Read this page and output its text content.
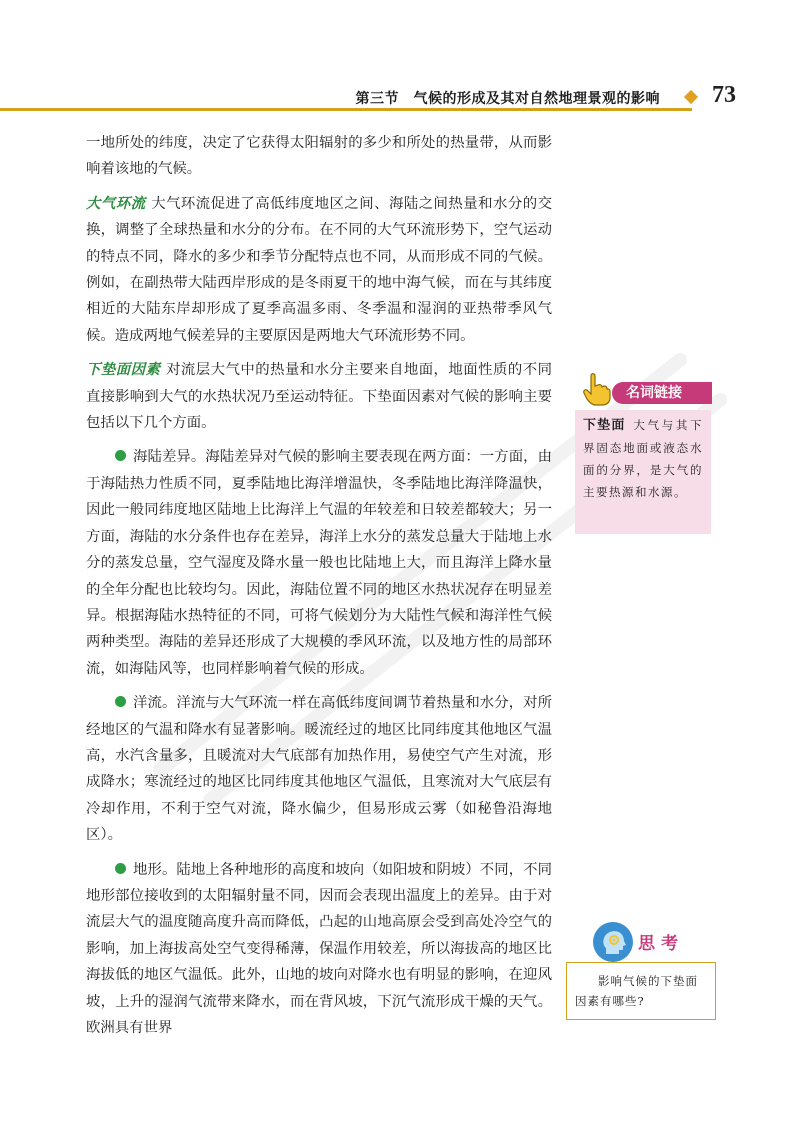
第三节　气候的形成及其对自然地理景观的影响 73

一地所处的纬度，决定了它获得太阳辐射的多少和所处的热量带，从而影响着该地的气候。

大气环流 大气环流促进了高低纬度地区之间、海陆之间热量和水分的交换，调整了全球热量和水分的分布。在不同的大气环流形势下，空气运动的特点不同，降水的多少和季节分配特点也不同，从而形成不同的气候。例如，在副热带大陆西岸形成的是冬雨夏干的地中海气候，而在与其纬度相近的大陆东岸却形成了夏季高温多雨、冬季温和湿润的亚热带季风气候。造成两地气候差异的主要原因是两地大气环流形势不同。

下垫面因素 对流层大气中的热量和水分主要来自地面，地面性质的不同直接影响到大气的水热状况乃至运动特征。下垫面因素对气候的影响主要包括以下几个方面。

海陆差异。海陆差异对气候的影响主要表现在两方面：一方面，由于海陆热力性质不同，夏季陆地比海洋增温快，冬季陆地比海洋降温快，因此一般同纬度地区陆地上比海洋上气温的年较差和日较差都较大；另一方面，海陆的水分条件也存在差异，海洋上水分的蒸发总量大于陆地上水分的蒸发总量，空气湿度及降水量一般也比陆地上大，而且海洋上降水量的全年分配也比较均匀。因此，海陆位置不同的地区水热状况存在明显差异。根据海陆水热特征的不同，可将气候划分为大陆性气候和海洋性气候两种类型。海陆的差异还形成了大规模的季风环流，以及地方性的局部环流，如海陆风等，也同样影响着气候的形成。

洋流。洋流与大气环流一样在高低纬度间调节着热量和水分，对所经地区的气温和降水有显著影响。暖流经过的地区比同纬度其他地区气温高，水汽含量多，且暖流对大气底部有加热作用，易使空气产生对流，形成降水；寒流经过的地区比同纬度其他地区气温低，且寒流对大气底层有冷却作用，不利于空气对流，降水偏少，但易形成云雾（如秘鲁沿海地区）。

地形。陆地上各种地形的高度和坡向（如阳坡和阴坡）不同，不同地形部位接收到的太阳辐射量不同，因而会表现出温度上的差异。由于对流层大气的温度随高度升高而降低，凸起的山地高原会受到高处冷空气的影响，加上海拔高处空气变得稀薄，保温作用较差，所以海拔高的地区比海拔低的地区气温低。此外，山地的坡向对降水也有明显的影响，在迎风坡，上升的湿润气流带来降水，而在背风坡，下沉气流形成干燥的天气。欧洲具有世界

名词链接
下垫面 大气与其下界固态地面或液态水面的分界，是大气的主要热源和水源。
思考
影响气候的下垫面因素有哪些?
